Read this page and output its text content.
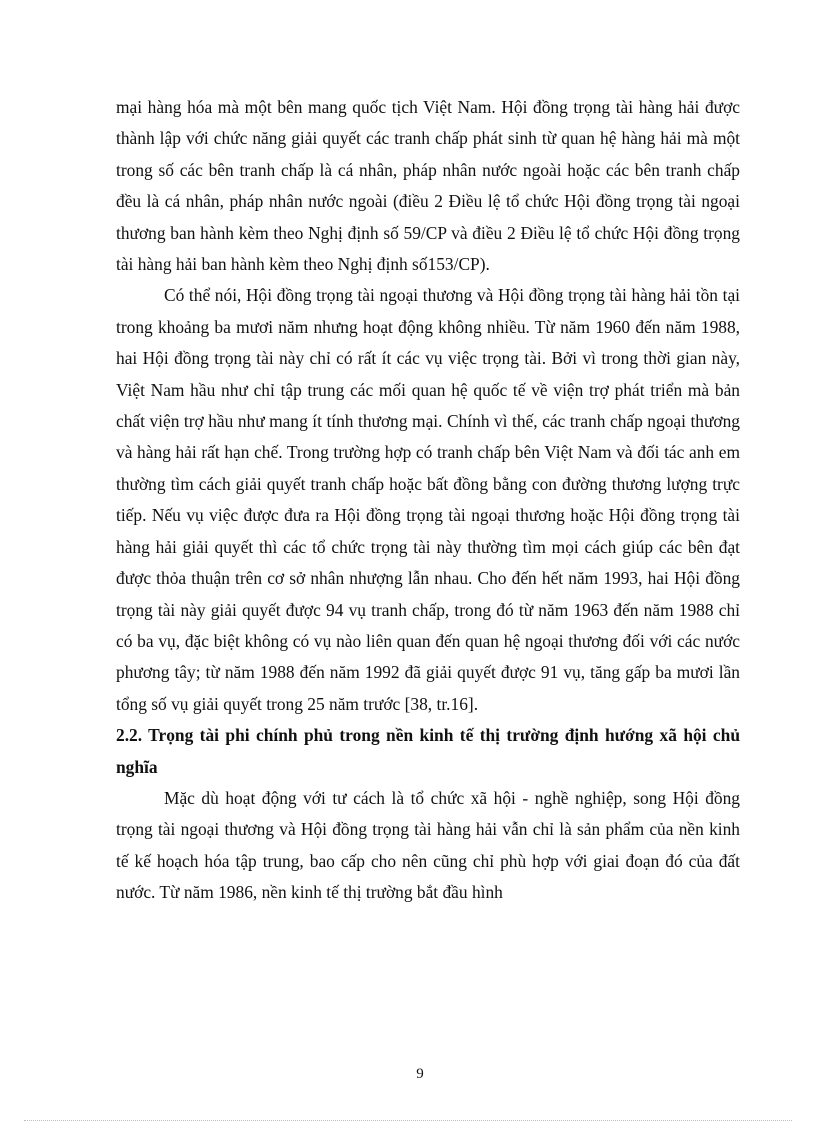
mại hàng hóa mà một bên mang quốc tịch Việt Nam. Hội đồng trọng tài hàng hải được thành lập với chức năng giải quyết các tranh chấp phát sinh từ quan hệ hàng hải mà một trong số các bên tranh chấp là cá nhân, pháp nhân nước ngoài hoặc các bên tranh chấp đều là cá nhân, pháp nhân nước ngoài (điều 2 Điều lệ tổ chức Hội đồng trọng tài ngoại thương ban hành kèm theo Nghị định số 59/CP và điều 2 Điều lệ tổ chức Hội đồng trọng tài hàng hải ban hành kèm theo Nghị định số153/CP).

Có thể nói, Hội đồng trọng tài ngoại thương và Hội đồng trọng tài hàng hải tồn tại trong khoảng ba mươi năm nhưng hoạt động không nhiều. Từ năm 1960 đến năm 1988, hai Hội đồng trọng tài này chỉ có rất ít các vụ việc trọng tài. Bởi vì trong thời gian này, Việt Nam hầu như chỉ tập trung các mối quan hệ quốc tế về viện trợ phát triển mà bản chất viện trợ hầu như mang ít tính thương mại. Chính vì thế, các tranh chấp ngoại thương và hàng hải rất hạn chế. Trong trường hợp có tranh chấp bên Việt Nam và đối tác anh em thường tìm cách giải quyết tranh chấp hoặc bất đồng bằng con đường thương lượng trực tiếp. Nếu vụ việc được đưa ra Hội đồng trọng tài ngoại thương hoặc Hội đồng trọng tài hàng hải giải quyết thì các tổ chức trọng tài này thường tìm mọi cách giúp các bên đạt được thỏa thuận trên cơ sở nhân nhượng lẫn nhau. Cho đến hết năm 1993, hai Hội đồng trọng tài này giải quyết được 94 vụ tranh chấp, trong đó từ năm 1963 đến năm 1988 chỉ có ba vụ, đặc biệt không có vụ nào liên quan đến quan hệ ngoại thương đối với các nước phương tây; từ năm 1988 đến năm 1992 đã giải quyết được 91 vụ, tăng gấp ba mươi lần tổng số vụ giải quyết trong 25 năm trước [38, tr.16].

2.2. Trọng tài phi chính phủ trong nền kinh tế thị trường định hướng xã hội chủ nghĩa

Mặc dù hoạt động với tư cách là tổ chức xã hội - nghề nghiệp, song Hội đồng trọng tài ngoại thương và Hội đồng trọng tài hàng hải vẫn chỉ là sản phẩm của nền kinh tế kế hoạch hóa tập trung, bao cấp cho nên cũng chỉ phù hợp với giai đoạn đó của đất nước. Từ năm 1986, nền kinh tế thị trường bắt đầu hình

9
